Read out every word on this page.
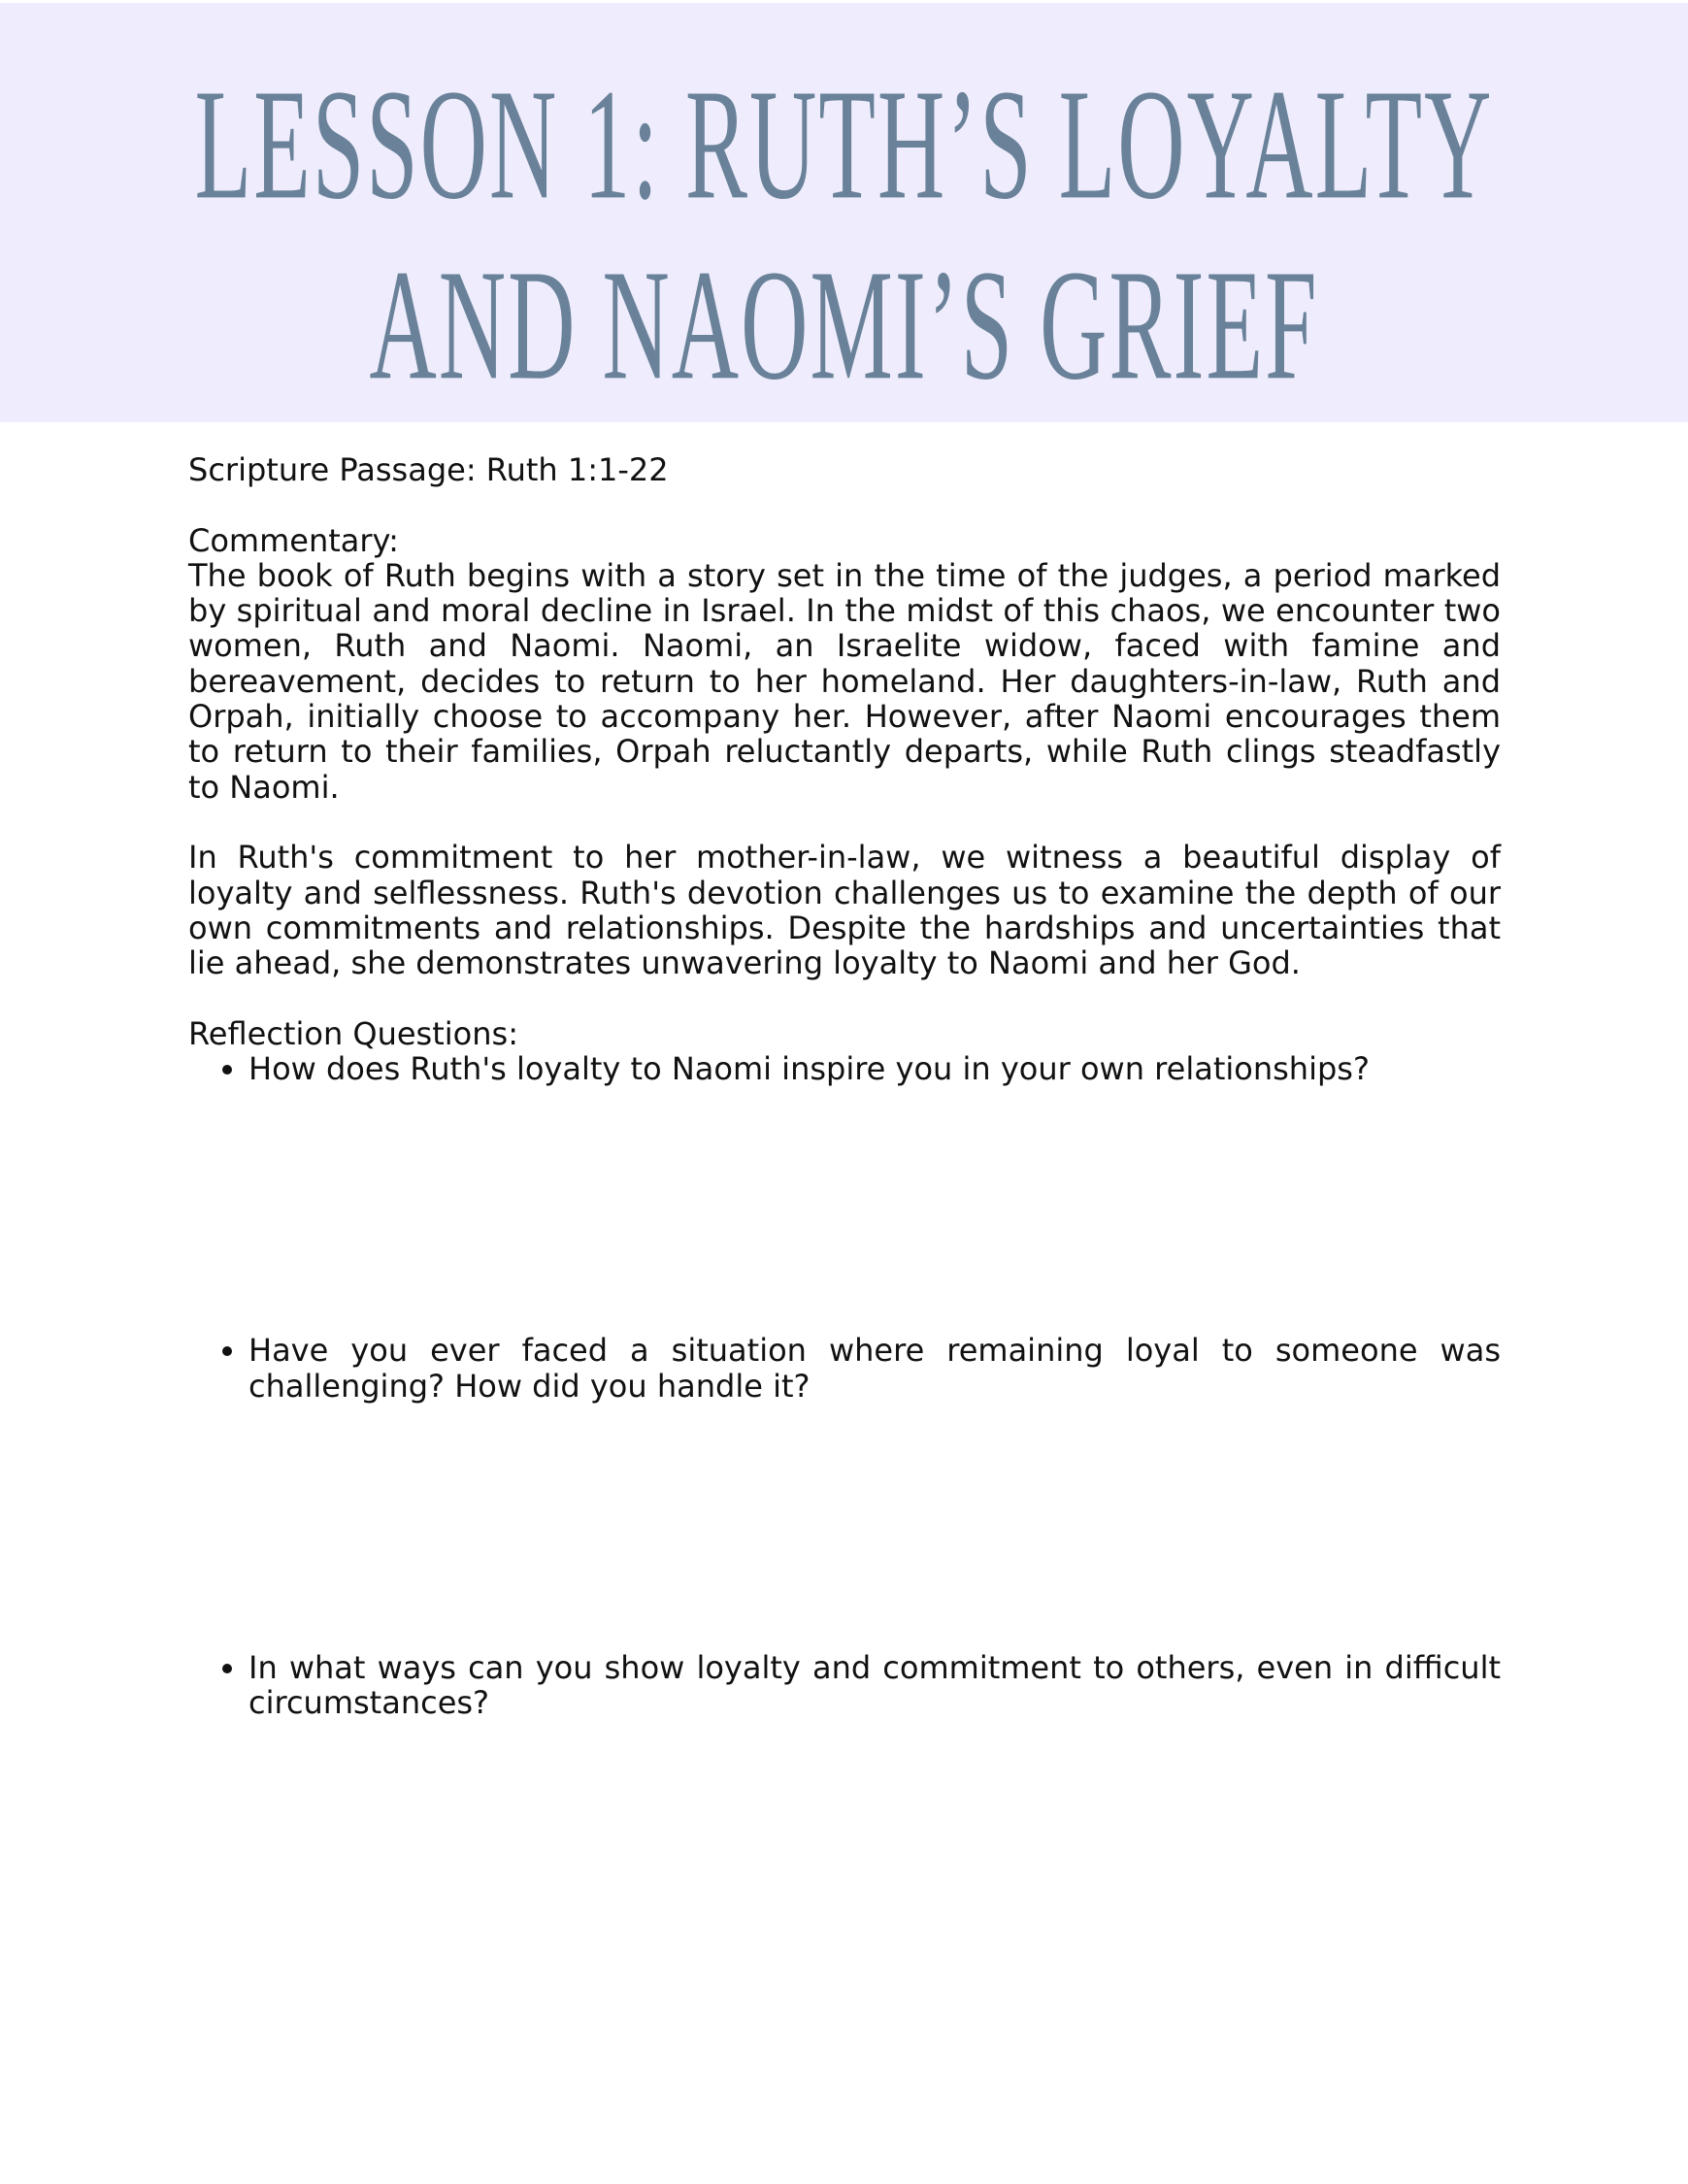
LESSON 1: RUTH’S LOYALTY
AND NAOMI’S GRIEF

Scripture Passage: Ruth 1:1-22

Commentary:

The book of Ruth begins with a story set in the time of the judges, a period marked by spiritual and moral decline in Israel. In the midst of this chaos, we encounter two women, Ruth and Naomi. Naomi, an Israelite widow, faced with famine and bereavement, decides to return to her homeland. Her daughters-in-law, Ruth and Orpah, initially choose to accompany her. However, after Naomi encourages them to return to their families, Orpah reluctantly departs, while Ruth clings steadfastly to Naomi.

In Ruth's commitment to her mother-in-law, we witness a beautiful display of loyalty and selflessness. Ruth's devotion challenges us to examine the depth of our own commitments and relationships. Despite the hardships and uncertainties that lie ahead, she demonstrates unwavering loyalty to Naomi and her God.

Reflection Questions:

• How does Ruth's loyalty to Naomi inspire you in your own relationships?
• Have you ever faced a situation where remaining loyal to someone was challenging? How did you handle it?
• In what ways can you show loyalty and commitment to others, even in difficult circumstances?
